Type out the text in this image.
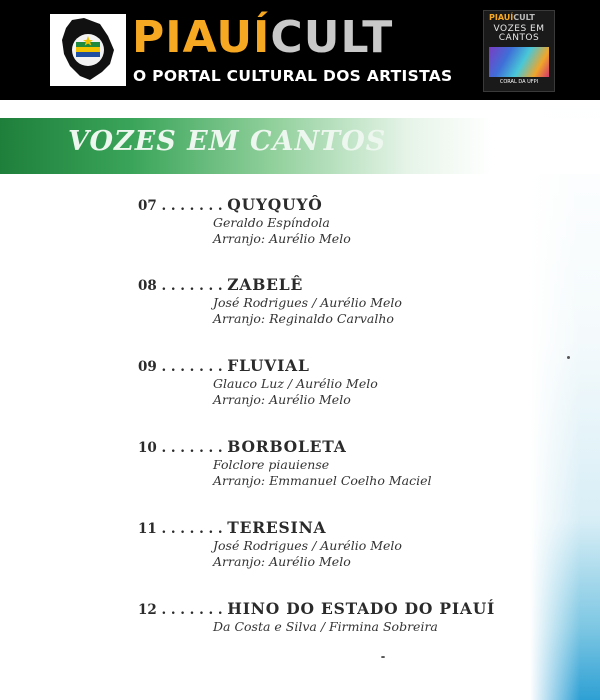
PIAUÍCULT
O PORTAL CULTURAL DOS ARTISTAS
PIAUÍCULT
VOZES EM CANTOS
CORAL DA UFPI
VOZES EM CANTOS
07 . . . . . . . QUYQUYÔ
Geraldo Espíndola
Arranjo: Aurélio Melo
08 . . . . . . . ZABELÊ
José Rodrigues / Aurélio Melo
Arranjo: Reginaldo Carvalho
09 . . . . . . . FLUVIAL
Glauco Luz / Aurélio Melo
Arranjo: Aurélio Melo
10 . . . . . . . BORBOLETA
Folclore piauiense
Arranjo: Emmanuel Coelho Maciel
11 . . . . . . . TERESINA
José Rodrigues / Aurélio Melo
Arranjo: Aurélio Melo
12 . . . . . . . HINO DO ESTADO DO PIAUÍ
Da Costa e Silva / Firmina Sobreira
